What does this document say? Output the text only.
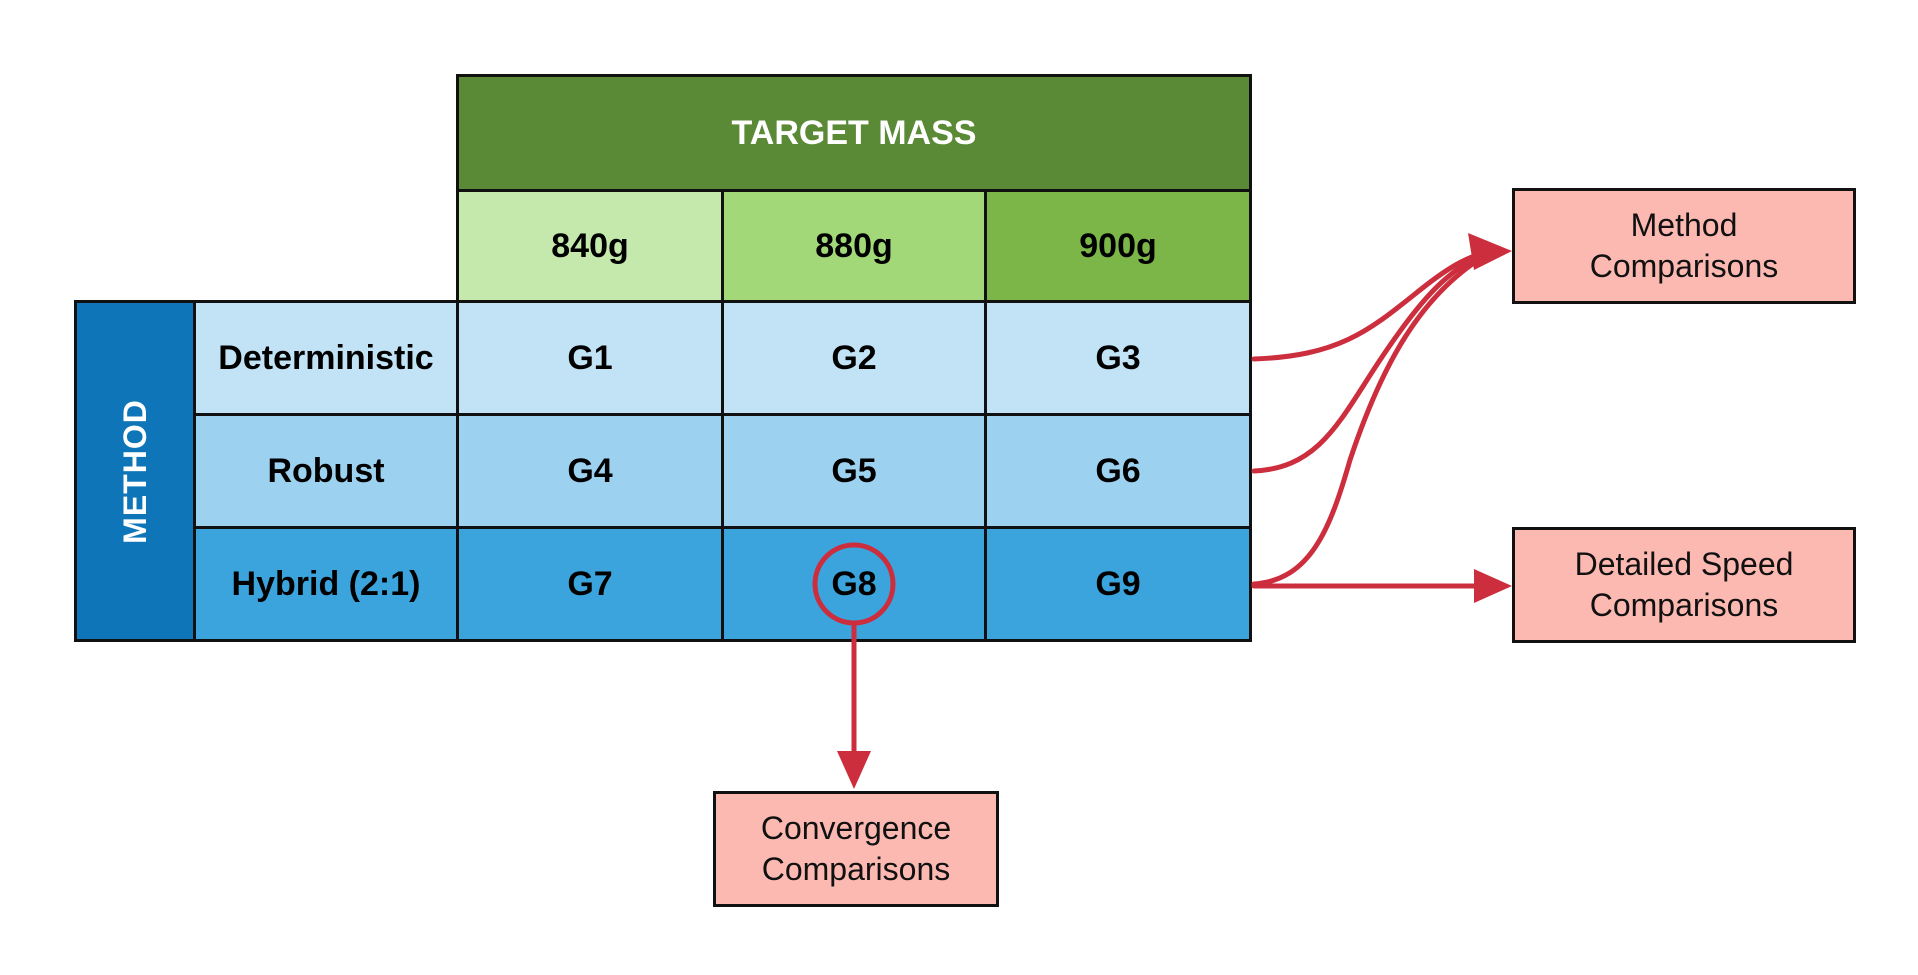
TARGET MASS
840g	880g	900g
METHOD
Deterministic	G1	G2	G3
Robust	G4	G5	G6
Hybrid (2:1)	G7	G8	G9
Method
Comparisons
Detailed Speed
Comparisons
Convergence
Comparisons
